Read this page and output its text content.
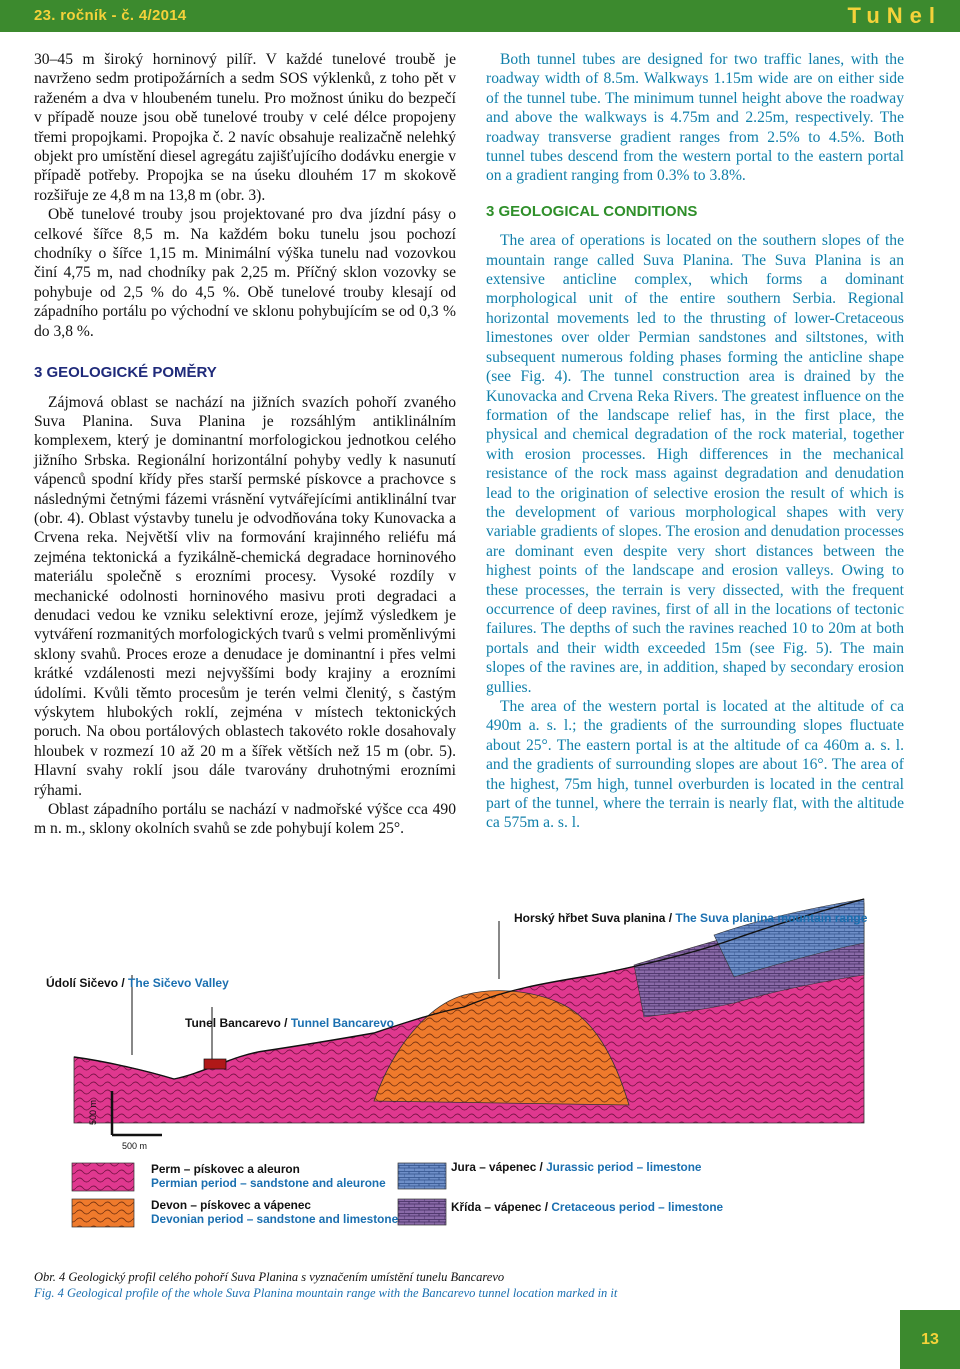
23. ročník - č. 4/2014	TuNel

30–45 m široký horninový pilíř. V každé tunelové troubě je navrženo sedm protipožárních a sedm SOS výklenků, z toho pět v raženém a dva v hloubeném tunelu. Pro možnost úniku do bezpečí v případě nouze jsou obě tunelové trouby v celé délce propojeny třemi propojkami. Propojka č. 2 navíc obsahuje realizačně nelehký objekt pro umístění diesel agregátu zajišťujícího dodávku energie v případě potřeby. Propojka se na úseku dlouhém 17 m skokově rozšiřuje ze 4,8 m na 13,8 m (obr. 3).

Obě tunelové trouby jsou projektované pro dva jízdní pásy o celkové šířce 8,5 m. Na každém boku tunelu jsou pochozí chodníky o šířce 1,15 m. Minimální výška tunelu nad vozovkou činí 4,75 m, nad chodníky pak 2,25 m. Příčný sklon vozovky se pohybuje od 2,5 % do 4,5 %. Obě tunelové trouby klesají od západního portálu po východní ve sklonu pohybujícím se od 0,3 % do 3,8 %.

3 GEOLOGICKÉ POMĚRY

Zájmová oblast se nachází na jižních svazích pohoří zvaného Suva Planina. Suva Planina je rozsáhlým antiklinálním komplexem, který je dominantní morfologickou jednotkou celého jižního Srbska. Regionální horizontální pohyby vedly k nasunutí vápenců spodní křídy přes starší permské pískovce a prachovce s následnými četnými fázemi vrásnění vytvářejícími antiklinální tvar (obr. 4). Oblast výstavby tunelu je odvodňována toky Kunovacka a Crvena reka. Největší vliv na formování krajinného reliéfu má zejména tektonická a fyzikálně-chemická degradace horninového materiálu společně s erozními procesy. Vysoké rozdíly v mechanické odolnosti horninového masivu proti degradaci a denudaci vedou ke vzniku selektivní eroze, jejímž výsledkem je vytváření rozmanitých morfologických tvarů s velmi proměnlivými sklony svahů. Proces eroze a denudace je dominantní i přes velmi krátké vzdálenosti mezi nejvyššími body krajiny a erozními údolími. Kvůli těmto procesům je terén velmi členitý, s častým výskytem hlubokých roklí, zejména v místech tektonických poruch. Na obou portálových oblastech takovéto rokle dosahovaly hloubek v rozmezí 10 až 20 m a šířek větších než 15 m (obr. 5). Hlavní svahy roklí jsou dále tvarovány druhotnými erozními rýhami.

Oblast západního portálu se nachází v nadmořské výšce cca 490 m n. m., sklony okolních svahů se zde pohybují kolem 25°.

Both tunnel tubes are designed for two traffic lanes, with the roadway width of 8.5m. Walkways 1.15m wide are on either side of the tunnel tube. The minimum tunnel height above the roadway and above the walkways is 4.75m and 2.25m, respectively. The roadway transverse gradient ranges from 2.5% to 4.5%. Both tunnel tubes descend from the western portal to the eastern portal on a gradient ranging from 0.3% to 3.8%.

3 GEOLOGICAL CONDITIONS

The area of operations is located on the southern slopes of the mountain range called Suva Planina. The Suva Planina is an extensive anticline complex, which forms a dominant morphological unit of the entire southern Serbia. Regional horizontal movements led to the thrusting of lower-Cretaceous limestones over older Permian sandstones and siltstones, with subsequent numerous folding phases forming the anticline shape (see Fig. 4). The tunnel construction area is drained by the Kunovacka and Crvena Reka Rivers. The greatest influence on the formation of the landscape relief has, in the first place, the physical and chemical degradation of the rock material, together with erosion processes. High differences in the mechanical resistance of the rock mass against degradation and denudation lead to the origination of selective erosion the result of which is the development of various morphological shapes with very variable gradients of slopes. The erosion and denudation processes are dominant even despite very short distances between the highest points of the landscape and erosion valleys. Owing to these processes, the terrain is very dissected, with the frequent occurrence of deep ravines, first of all in the locations of tectonic failures. The depths of such the ravines reached 10 to 20m at both portals and their width exceeded 15m (see Fig. 5). The main slopes of the ravines are, in addition, shaped by secondary erosion gullies.

The area of the western portal is located at the altitude of ca 490m a. s. l.; the gradients of the surrounding slopes fluctuate about 25°. The eastern portal is at the altitude of ca 460m a. s. l. and the gradients of surrounding slopes are about 16°. The area of the highest, 75m high, tunnel overburden is located in the central part of the tunnel, where the terrain is nearly flat, with the altitude ca 575m a. s. l.

500 m
500 m
Horský hřbet Suva planina / The Suva planina mountain range
Údolí Sičevo / The Sičevo Valley
Tunel Bancarevo / Tunnel Bancarevo
Perm – pískovec a aleuron
Permian period – sandstone and aleurone
Devon – pískovec a vápenec
Devonian period – sandstone and limestone
Jura – vápenec / Jurassic period – limestone
Křída – vápenec / Cretaceous period – limestone
Obr. 4 Geologický profil celého pohoří Suva Planina s vyznačením umístění tunelu Bancarevo
Fig. 4 Geological profile of the whole Suva Planina mountain range with the Bancarevo tunnel location marked in it
13
